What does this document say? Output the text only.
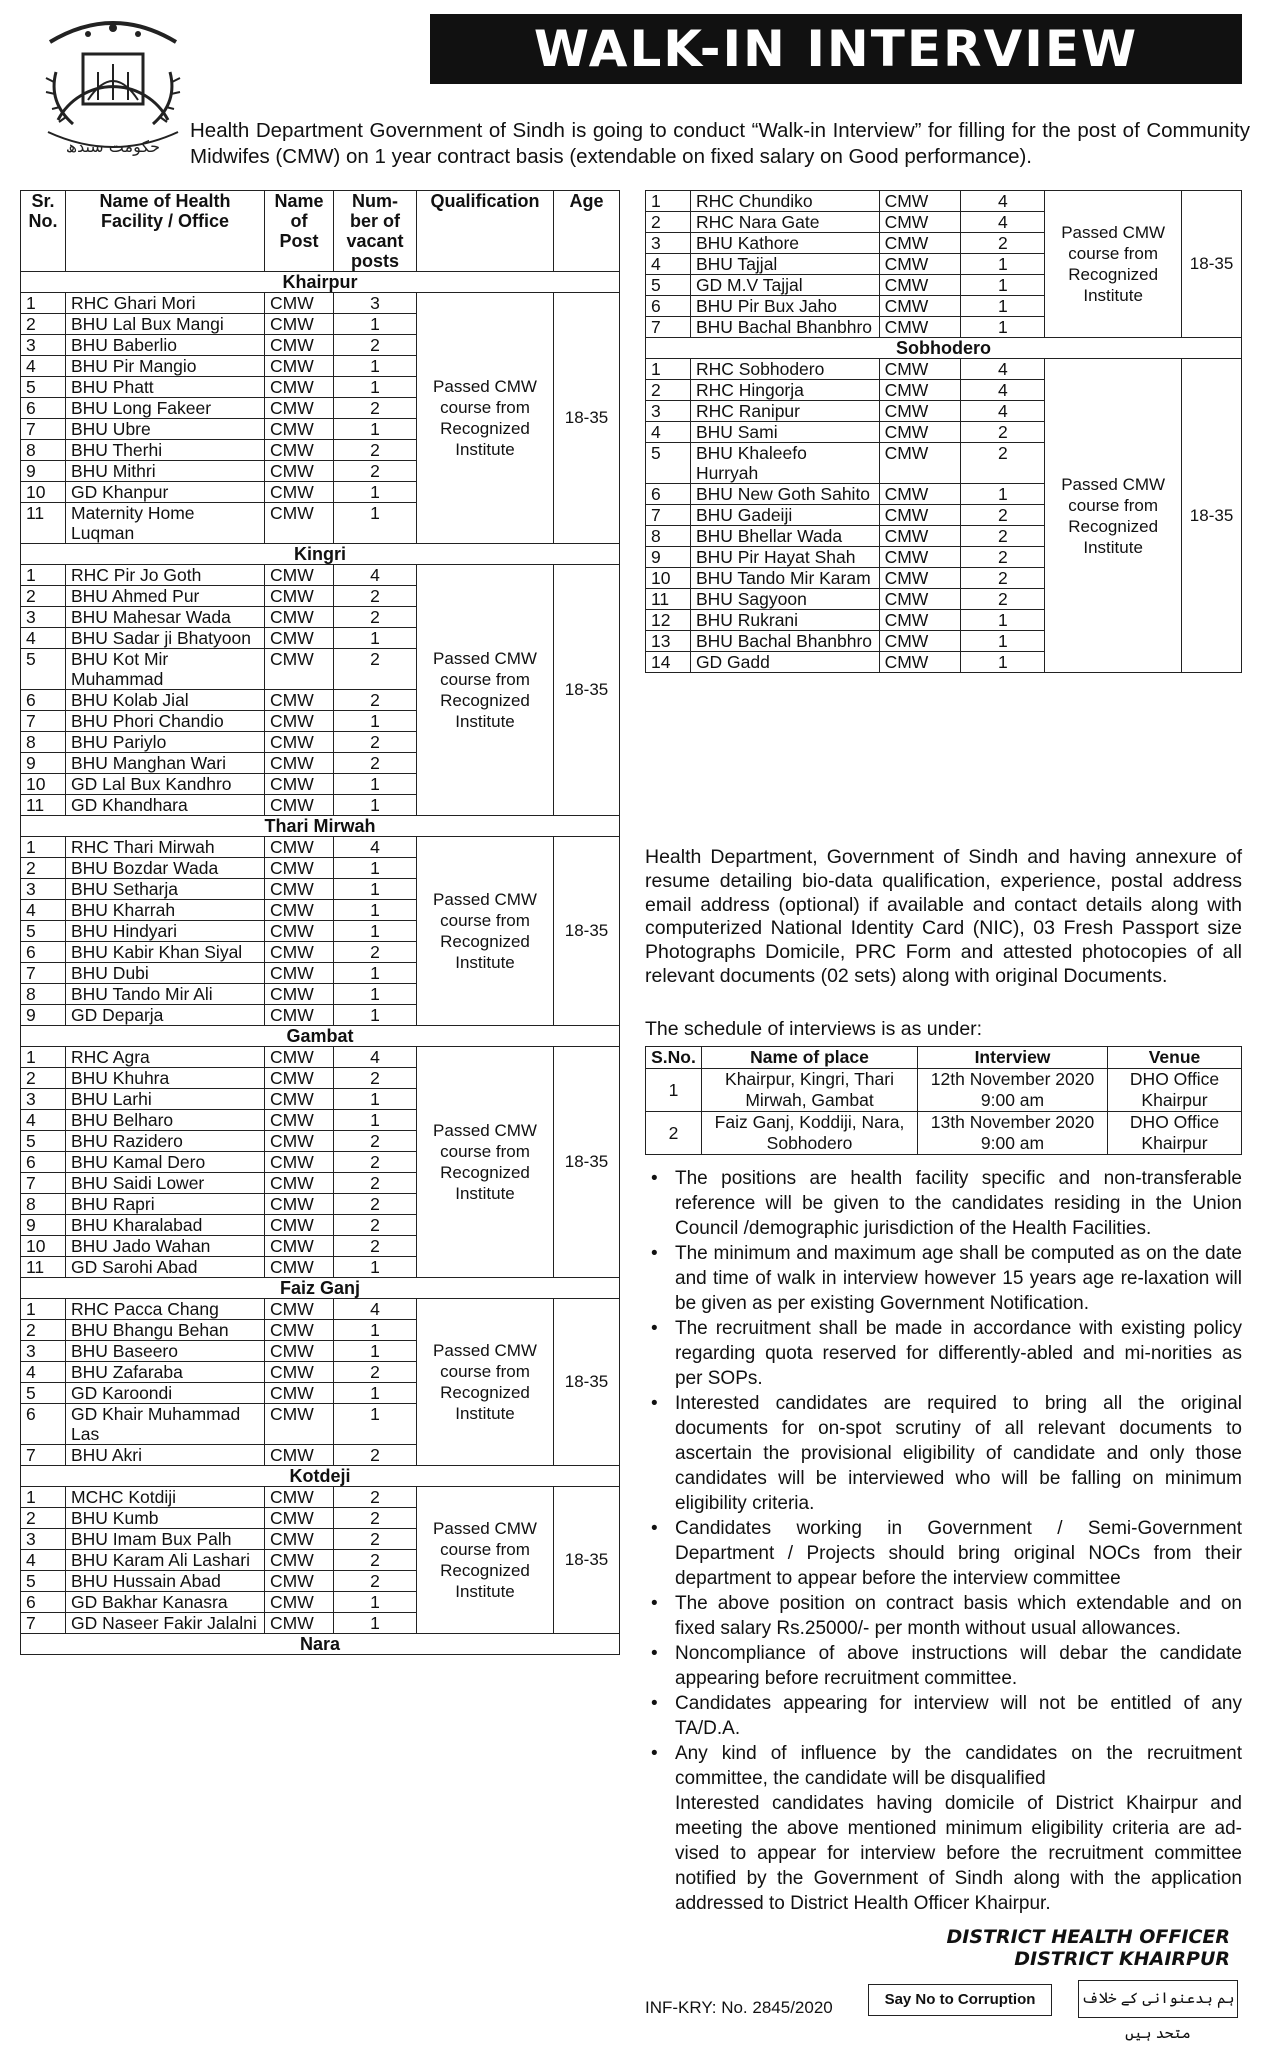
حکومت سندھ
WALK-IN INTERVIEW
Health Department Government of Sindh is going to conduct “Walk-in Interview” for filling for the post of Community Midwifes (CMW) on 1 year contract basis (extendable on fixed salary on Good performance).
Sr. No.	Name of Health Facility / Office	Name of Post	Num-ber of vacant posts	Qualification	Age
Khairpur					
1	RHC Ghari Mori	CMW	3	Passed CMW course from Recognized Institute	18-35
2	BHU Lal Bux Mangi	CMW	1		
3	BHU Baberlio	CMW	2		
4	BHU Pir Mangio	CMW	1		
5	BHU Phatt	CMW	1		
6	BHU Long Fakeer	CMW	2		
7	BHU Ubre	CMW	1		
8	BHU Therhi	CMW	2		
9	BHU Mithri	CMW	2		
10	GD Khanpur	CMW	1		
11	Maternity Home Luqman	CMW	1		
Kingri					
1	RHC Pir Jo Goth	CMW	4	Passed CMW course from Recognized Institute	18-35
2	BHU Ahmed Pur	CMW	2		
3	BHU Mahesar Wada	CMW	2		
4	BHU Sadar ji Bhatyoon	CMW	1		
5	BHU Kot Mir Muhammad	CMW	2		
6	BHU Kolab Jial	CMW	2		
7	BHU Phori Chandio	CMW	1		
8	BHU Pariylo	CMW	2		
9	BHU Manghan Wari	CMW	2		
10	GD Lal Bux Kandhro	CMW	1		
11	GD Khandhara	CMW	1		
Thari Mirwah					
1	RHC Thari Mirwah	CMW	4	Passed CMW course from Recognized Institute	18-35
2	BHU Bozdar Wada	CMW	1		
3	BHU Setharja	CMW	1		
4	BHU Kharrah	CMW	1		
5	BHU Hindyari	CMW	1		
6	BHU Kabir Khan Siyal	CMW	2		
7	BHU Dubi	CMW	1		
8	BHU Tando Mir Ali	CMW	1		
9	GD Deparja	CMW	1		
Gambat					
1	RHC Agra	CMW	4	Passed CMW course from Recognized Institute	18-35
2	BHU Khuhra	CMW	2		
3	BHU Larhi	CMW	1		
4	BHU Belharo	CMW	1		
5	BHU Razidero	CMW	2		
6	BHU Kamal Dero	CMW	2		
7	BHU Saidi Lower	CMW	2		
8	BHU Rapri	CMW	2		
9	BHU Kharalabad	CMW	2		
10	BHU Jado Wahan	CMW	2		
11	GD Sarohi Abad	CMW	1		
Faiz Ganj					
1	RHC Pacca Chang	CMW	4	Passed CMW course from Recognized Institute	18-35
2	BHU Bhangu Behan	CMW	1		
3	BHU Baseero	CMW	1		
4	BHU Zafaraba	CMW	2		
5	GD Karoondi	CMW	1		
6	GD Khair Muhammad Las	CMW	1		
7	BHU Akri	CMW	2		
Kotdeji					
1	MCHC Kotdiji	CMW	2	Passed CMW course from Recognized Institute	18-35
2	BHU Kumb	CMW	2		
3	BHU Imam Bux Palh	CMW	2		
4	BHU Karam Ali Lashari	CMW	2		
5	BHU Hussain Abad	CMW	2		
6	GD Bakhar Kanasra	CMW	1		
7	GD Naseer Fakir Jalalni	CMW	1		
Nara					
1	RHC Chundiko	CMW	4	Passed CMW course from Recognized Institute	18-35
2	RHC Nara Gate	CMW	4		
3	BHU Kathore	CMW	2		
4	BHU Tajjal	CMW	1		
5	GD M.V Tajjal	CMW	1		
6	BHU Pir Bux Jaho	CMW	1		
7	BHU Bachal Bhanbhro	CMW	1		
Sobhodero					
1	RHC Sobhodero	CMW	4	Passed CMW course from Recognized Institute	18-35
2	RHC Hingorja	CMW	4		
3	RHC Ranipur	CMW	4		
4	BHU Sami	CMW	2		
5	BHU Khaleefo Hurryah	CMW	2		
6	BHU New Goth Sahito	CMW	1		
7	BHU Gadeiji	CMW	2		
8	BHU Bhellar Wada	CMW	2		
9	BHU Pir Hayat Shah	CMW	2		
10	BHU Tando Mir Karam	CMW	2		
11	BHU Sagyoon	CMW	2		
12	BHU Rukrani	CMW	1		
13	BHU Bachal Bhanbhro	CMW	1		
14	GD Gadd	CMW	1		
Health Department, Government of Sindh and having annexure of resume detailing bio-data qualification, experience, postal address email address (optional) if available and contact details along with computerized National Identity Card (NIC), 03 Fresh Passport size Photographs Domicile, PRC Form and attested photocopies of all relevant documents (02 sets) along with original Documents.
The schedule of interviews is as under:
S.No.	Name of place	Interview	Venue
1	Khairpur, Kingri, Thari Mirwah, Gambat	12th November 2020 9:00 am	DHO Office Khairpur
2	Faiz Ganj, Koddiji, Nara, Sobhodero	13th November 2020 9:00 am	DHO Office Khairpur
• The positions are health facility specific and non-transferable reference will be given to the candidates residing in the Union Council /demographic jurisdiction of the Health Facilities.
• The minimum and maximum age shall be computed as on the date and time of walk in interview however 15 years age re-laxation will be given as per existing Government Notification.
• The recruitment shall be made in accordance with existing policy regarding quota reserved for differently-abled and mi-norities as per SOPs.
• Interested candidates are required to bring all the original documents for on-spot scrutiny of all relevant documents to ascertain the provisional eligibility of candidate and only those candidates will be interviewed who will be falling on minimum eligibility criteria.
• Candidates working in Government / Semi-Government Department / Projects should bring original NOCs from their department to appear before the interview committee
• The above position on contract basis which extendable and on fixed salary Rs.25000/- per month without usual allowances.
• Noncompliance of above instructions will debar the candidate appearing before recruitment committee.
• Candidates appearing for interview will not be entitled of any TA/D.A.
• Any kind of influence by the candidates on the recruitment committee, the candidate will be disqualified
Interested candidates having domicile of District Khairpur and meeting the above mentioned minimum eligibility criteria are ad-vised to appear for interview before the recruitment committee notified by the Government of Sindh along with the application addressed to District Health Officer Khairpur.
DISTRICT HEALTH OFFICER
DISTRICT KHAIRPUR
INF-KRY: No. 2845/2020	Say No to Corruption	ہم بدعنوانی کے خلاف متحد ہیں
